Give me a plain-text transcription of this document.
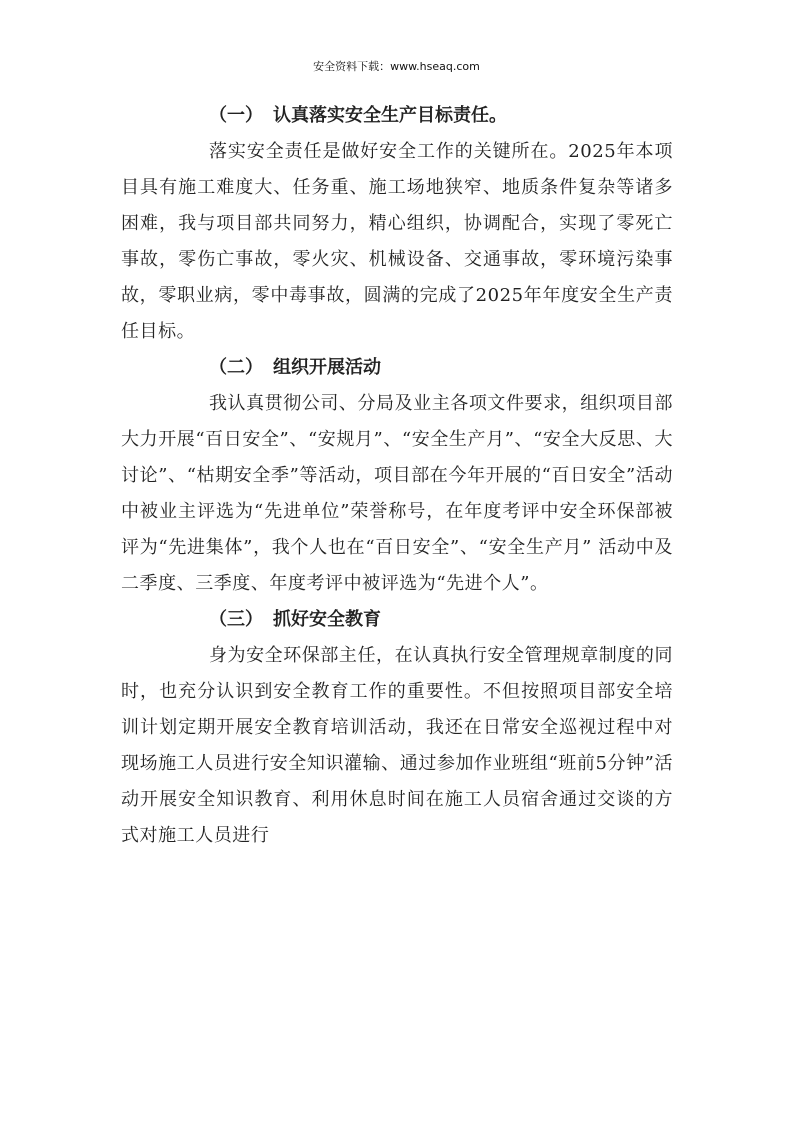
安全资料下载：www.hseaq.com
（一） 认真落实安全生产目标责任。

落实安全责任是做好安全工作的关键所在。2025年本项目具有施工难度大、任务重、施工场地狭窄、地质条件复杂等诸多困难，我与项目部共同努力，精心组织，协调配合，实现了零死亡事故，零伤亡事故，零火灾、机械设备、交通事故，零环境污染事故，零职业病，零中毒事故，圆满的完成了2025年年度安全生产责任目标。

（二） 组织开展活动

我认真贯彻公司、分局及业主各项文件要求，组织项目部大力开展“百日安全”、“安规月”、“安全生产月”、“安全大反思、大讨论”、“枯期安全季”等活动，项目部在今年开展的“百日安全”活动中被业主评选为“先进单位”荣誉称号，在年度考评中安全环保部被评为“先进集体”，我个人也在“百日安全”、“安全生产月” 活动中及二季度、三季度、年度考评中被评选为“先进个人”。

（三） 抓好安全教育

身为安全环保部主任，在认真执行安全管理规章制度的同时，也充分认识到安全教育工作的重要性。不但按照项目部安全培训计划定期开展安全教育培训活动，我还在日常安全巡视过程中对现场施工人员进行安全知识灌输、通过参加作业班组“班前5分钟”活动开展安全知识教育、利用休息时间在施工人员宿舍通过交谈的方式对施工人员进行
